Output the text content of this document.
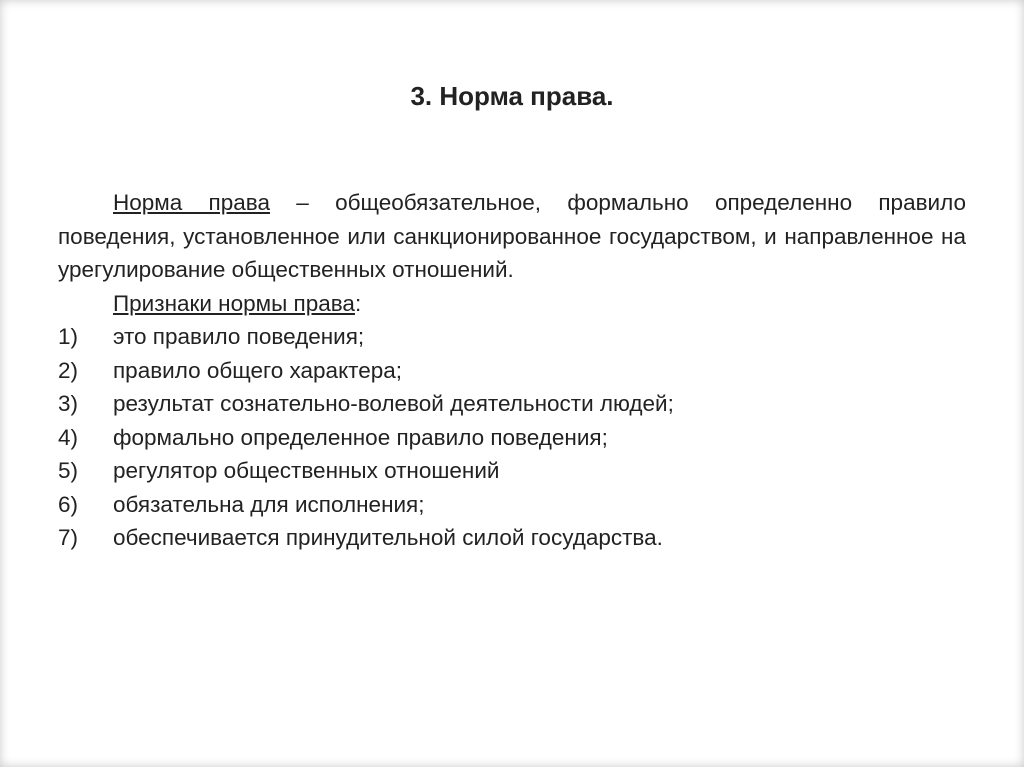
3. Норма права.

Норма права – общеобязательное, формально определенно правило поведения, установленное или санкционированное государством, и направленное на урегулирование общественных отношений.

Признаки нормы права:

1)	это правило поведения;
2)	правило общего характера;
3)	результат сознательно-волевой деятельности людей;
4)	формально определенное правило поведения;
5)	регулятор общественных отношений
6)	обязательна для исполнения;
7)	обеспечивается принудительной силой государства.
